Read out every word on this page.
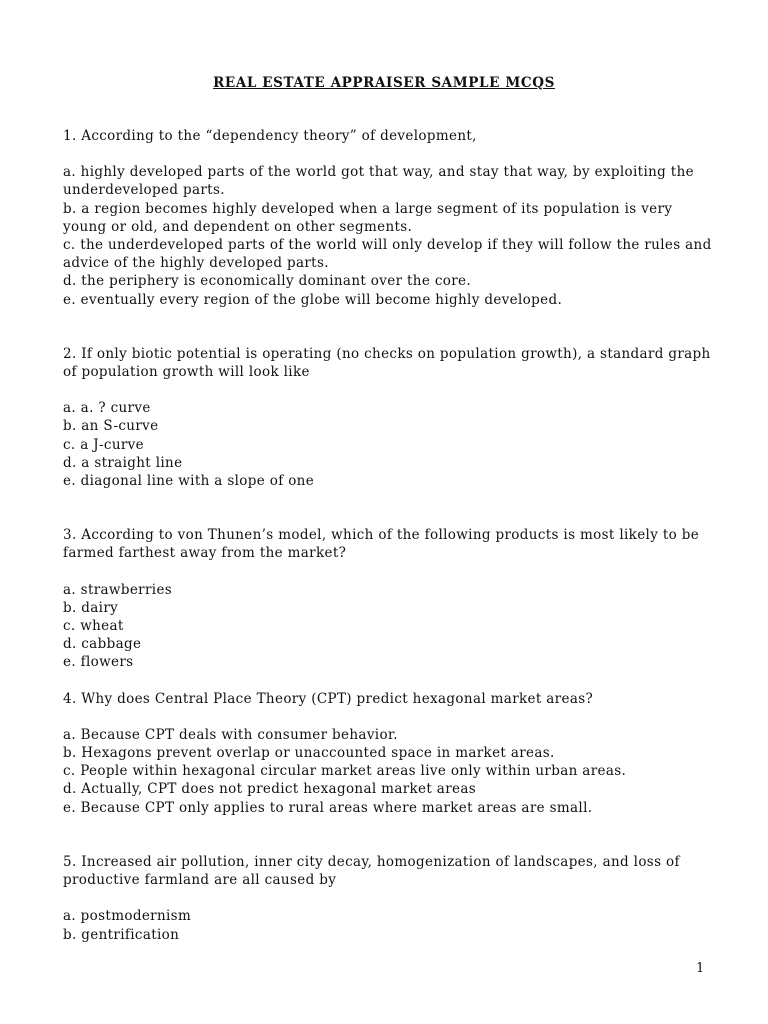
REAL ESTATE APPRAISER SAMPLE MCQS
1. According to the “dependency theory” of development,
a. highly developed parts of the world got that way, and stay that way, by exploiting the underdeveloped parts.
b. a region becomes highly developed when a large segment of its population is very young or old, and dependent on other segments.
c. the underdeveloped parts of the world will only develop if they will follow the rules and advice of the highly developed parts.
d. the periphery is economically dominant over the core.
e. eventually every region of the globe will become highly developed.
2. If only biotic potential is operating (no checks on population growth), a standard graph of population growth will look like
a. a. ? curve
b. an S-curve
c. a J-curve
d. a straight line
e. diagonal line with a slope of one
3. According to von Thunen’s model, which of the following products is most likely to be farmed farthest away from the market?
a. strawberries
b. dairy
c. wheat
d. cabbage
e. flowers
4. Why does Central Place Theory (CPT) predict hexagonal market areas?
a. Because CPT deals with consumer behavior.
b. Hexagons prevent overlap or unaccounted space in market areas.
c. People within hexagonal circular market areas live only within urban areas.
d. Actually, CPT does not predict hexagonal market areas
e. Because CPT only applies to rural areas where market areas are small.
5. Increased air pollution, inner city decay, homogenization of landscapes, and loss of productive farmland are all caused by
a. postmodernism
b. gentrification
1
